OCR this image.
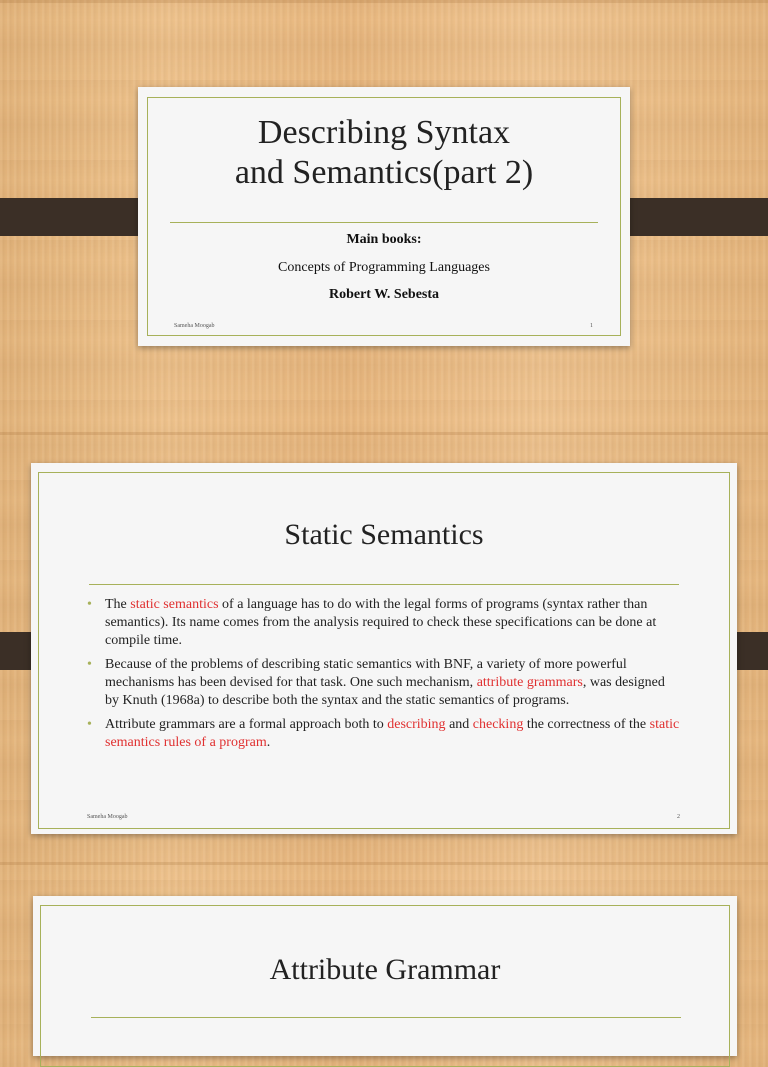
Describing Syntax
and Semantics(part 2)
Main books:
Concepts of Programming Languages
Robert W. Sebesta
Sameha Moogab	1
Static Semantics
• The static semantics of a language has to do with the legal forms of programs (syntax rather than semantics). Its name comes from the analysis required to check these specifications can be done at compile time.
• Because of the problems of describing static semantics with BNF, a variety of more powerful mechanisms has been devised for that task. One such mechanism, attribute grammars, was designed by Knuth (1968a) to describe both the syntax and the static semantics of programs.
• Attribute grammars are a formal approach both to describing and checking the correctness of the static semantics rules of a program.
Sameha Moogab	2
Attribute Grammar
